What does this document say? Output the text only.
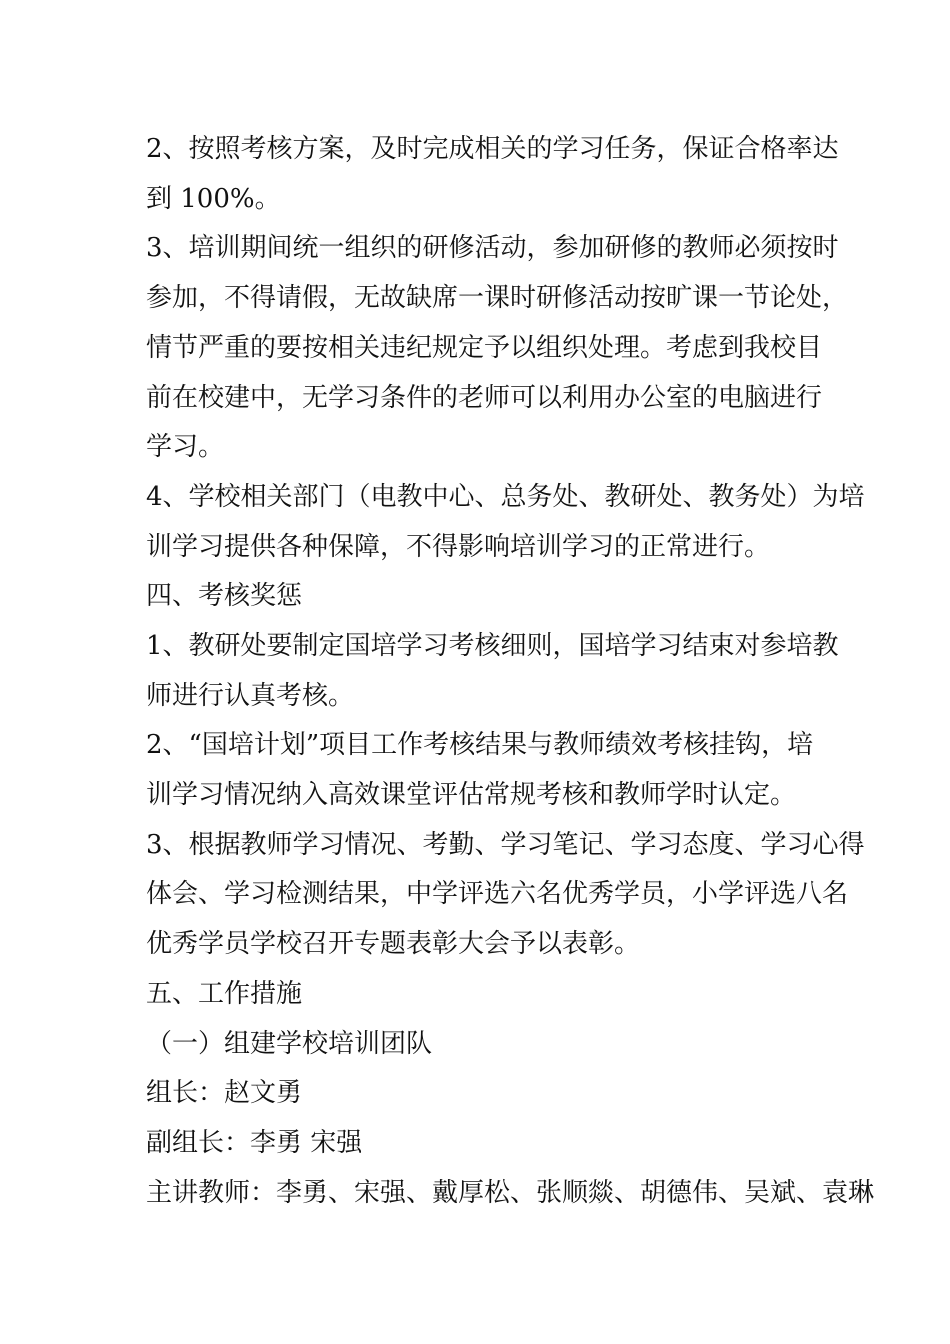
2、按照考核方案，及时完成相关的学习任务，保证合格率达
到 100%。
3、培训期间统一组织的研修活动，参加研修的教师必须按时
参加，不得请假，无故缺席一课时研修活动按旷课一节论处，
情节严重的要按相关违纪规定予以组织处理。考虑到我校目
前在校建中，无学习条件的老师可以利用办公室的电脑进行
学习。
4、学校相关部门（电教中心、总务处、教研处、教务处）为培
训学习提供各种保障，不得影响培训学习的正常进行。
四、考核奖惩
1、教研处要制定国培学习考核细则，国培学习结束对参培教
师进行认真考核。
2、“国培计划”项目工作考核结果与教师绩效考核挂钩，培
训学习情况纳入高效课堂评估常规考核和教师学时认定。
3、根据教师学习情况、考勤、学习笔记、学习态度、学习心得
体会、学习检测结果，中学评选六名优秀学员，小学评选八名
优秀学员学校召开专题表彰大会予以表彰。
五、工作措施
（一）组建学校培训团队
组长：赵文勇
副组长：李勇 宋强
主讲教师：李勇、宋强、戴厚松、张顺燚、胡德伟、吴斌、袁琳
